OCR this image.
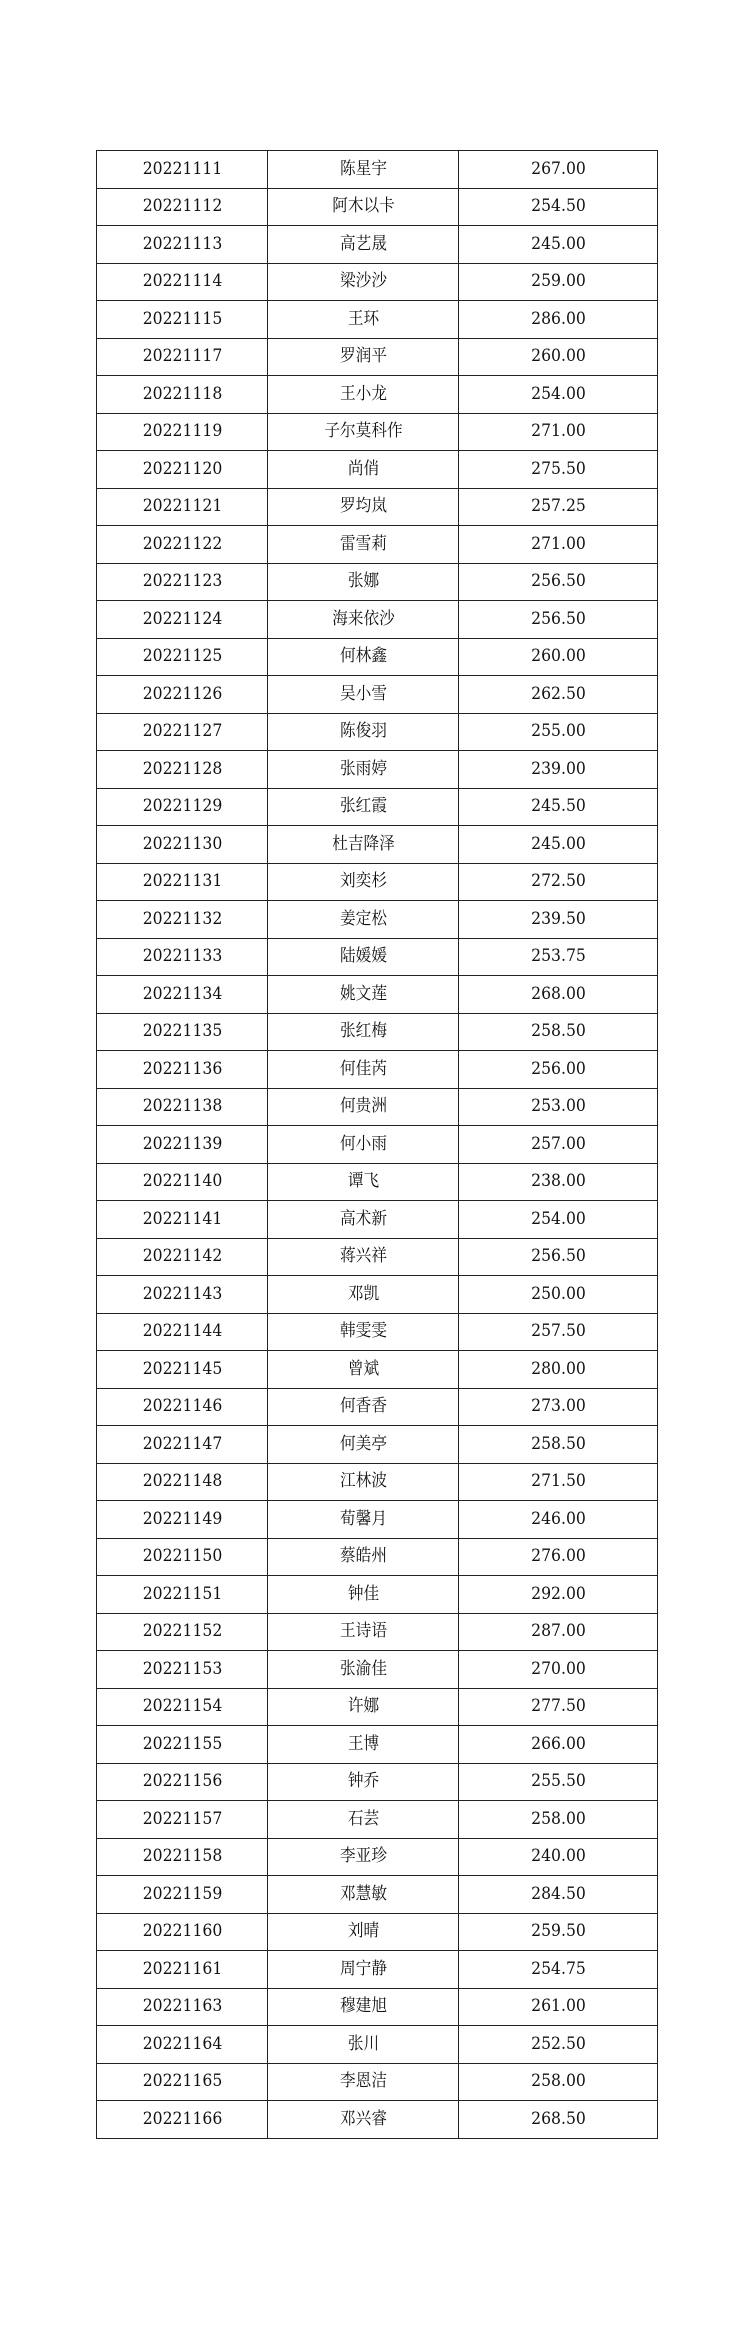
20221111	陈星宇	267.00
20221112	阿木以卡	254.50
20221113	高艺晟	245.00
20221114	梁沙沙	259.00
20221115	王环	286.00
20221117	罗润平	260.00
20221118	王小龙	254.00
20221119	子尔莫科作	271.00
20221120	尚俏	275.50
20221121	罗均岚	257.25
20221122	雷雪莉	271.00
20221123	张娜	256.50
20221124	海来依沙	256.50
20221125	何林鑫	260.00
20221126	吴小雪	262.50
20221127	陈俊羽	255.00
20221128	张雨婷	239.00
20221129	张红霞	245.50
20221130	杜吉降泽	245.00
20221131	刘奕杉	272.50
20221132	姜定松	239.50
20221133	陆媛媛	253.75
20221134	姚文莲	268.00
20221135	张红梅	258.50
20221136	何佳芮	256.00
20221138	何贵洲	253.00
20221139	何小雨	257.00
20221140	谭飞	238.00
20221141	高术新	254.00
20221142	蒋兴祥	256.50
20221143	邓凯	250.00
20221144	韩雯雯	257.50
20221145	曾斌	280.00
20221146	何香香	273.00
20221147	何美亭	258.50
20221148	江林波	271.50
20221149	荀馨月	246.00
20221150	蔡皓州	276.00
20221151	钟佳	292.00
20221152	王诗语	287.00
20221153	张渝佳	270.00
20221154	许娜	277.50
20221155	王博	266.00
20221156	钟乔	255.50
20221157	石芸	258.00
20221158	李亚珍	240.00
20221159	邓慧敏	284.50
20221160	刘晴	259.50
20221161	周宁静	254.75
20221163	穆建旭	261.00
20221164	张川	252.50
20221165	李恩洁	258.00
20221166	邓兴睿	268.50
